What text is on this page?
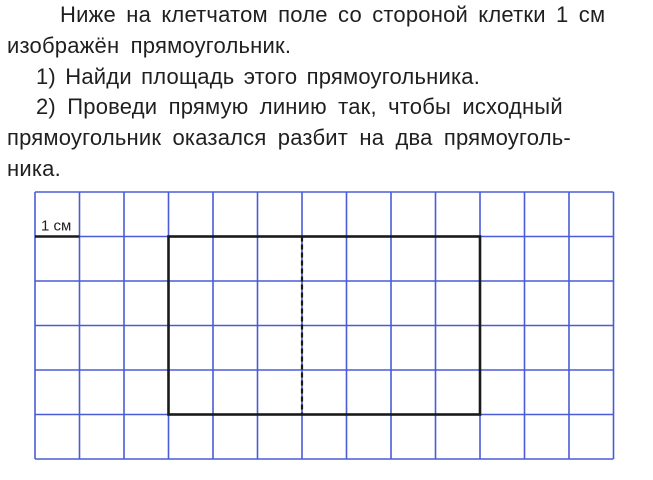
Ниже на клетчатом поле со стороной клетки 1 см
изображён прямоугольник.
1) Найди площадь этого прямоугольника.
2) Проведи прямую линию так, чтобы исходный
прямоугольник оказался разбит на два прямоуголь-
ника.
1 см
